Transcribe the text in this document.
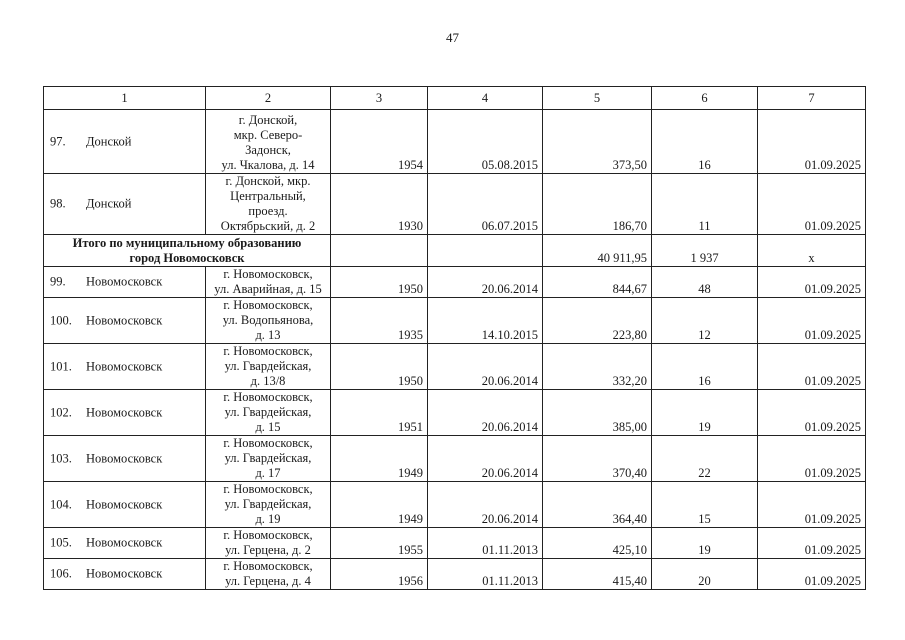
47
1	2	3	4	5	6	7

97. Донской	г. Донской,
мкр. Северо-
Задонск,
ул. Чкалова, д. 14	1954	05.08.2015	373,50	16	01.09.2025

98. Донской	г. Донской, мкр.
Центральный,
проезд.
Октябрьский, д. 2	1930	06.07.2015	186,70	11	01.09.2025

Итого по муниципальному образованию
город Новомосковск				40 911,95	1 937	x

99. Новомосковск	г. Новомосковск,
ул. Аварийная, д. 15	1950	20.06.2014	844,67	48	01.09.2025

100. Новомосковск	г. Новомосковск,
ул. Водопьянова,
д. 13	1935	14.10.2015	223,80	12	01.09.2025

101. Новомосковск	г. Новомосковск,
ул. Гвардейская,
д. 13/8	1950	20.06.2014	332,20	16	01.09.2025

102. Новомосковск	г. Новомосковск,
ул. Гвардейская,
д. 15	1951	20.06.2014	385,00	19	01.09.2025

103. Новомосковск	г. Новомосковск,
ул. Гвардейская,
д. 17	1949	20.06.2014	370,40	22	01.09.2025

104. Новомосковск	г. Новомосковск,
ул. Гвардейская,
д. 19	1949	20.06.2014	364,40	15	01.09.2025

105. Новомосковск	г. Новомосковск,
ул. Герцена, д. 2	1955	01.11.2013	425,10	19	01.09.2025

106. Новомосковск	г. Новомосковск,
ул. Герцена, д. 4	1956	01.11.2013	415,40	20	01.09.2025
